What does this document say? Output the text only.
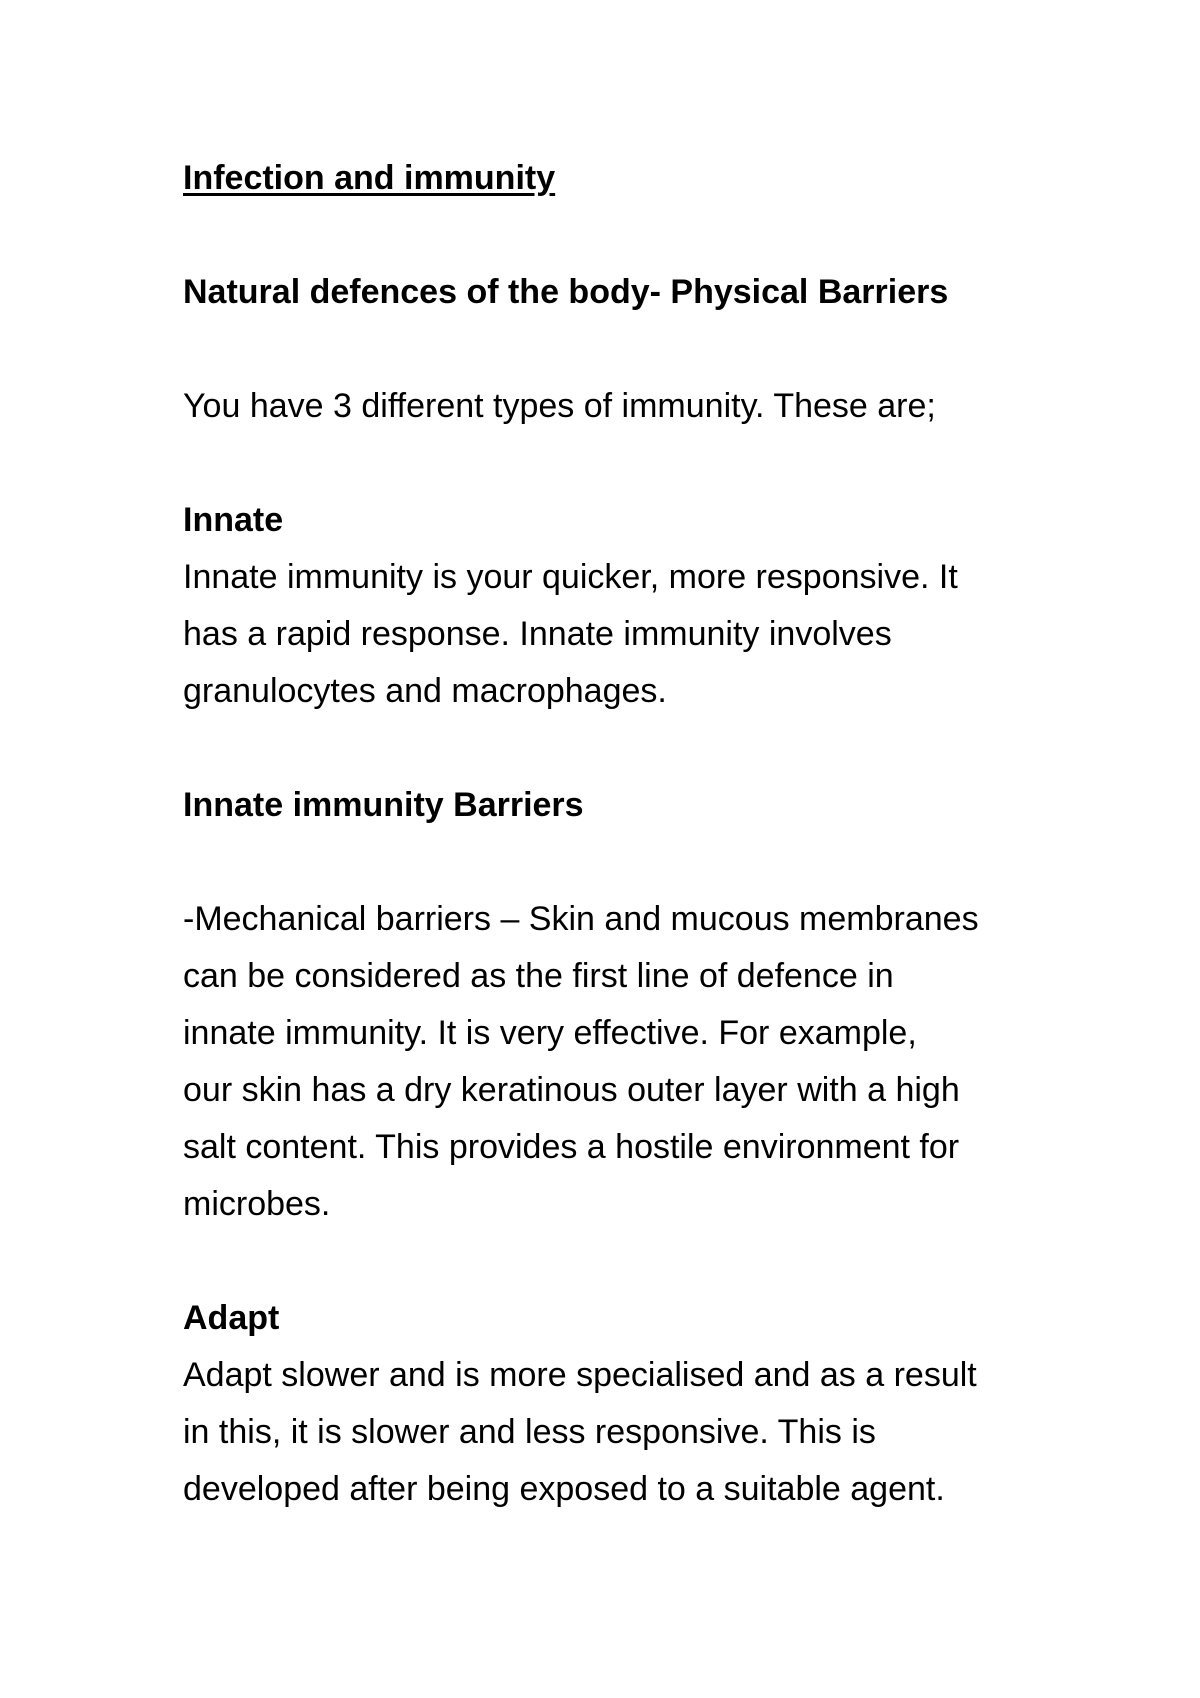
Infection and immunity

Natural defences of the body- Physical Barriers

You have 3 different types of immunity. These are;

Innate

Innate immunity is your quicker, more responsive. It
has a rapid response. Innate immunity involves
granulocytes and macrophages.

Innate immunity Barriers

-Mechanical barriers – Skin and mucous membranes
can be considered as the first line of defence in
innate immunity. It is very effective. For example,
our skin has a dry keratinous outer layer with a high
salt content. This provides a hostile environment for
microbes.

Adapt

Adapt slower and is more specialised and as a result
in this, it is slower and less responsive. This is
developed after being exposed to a suitable agent.
